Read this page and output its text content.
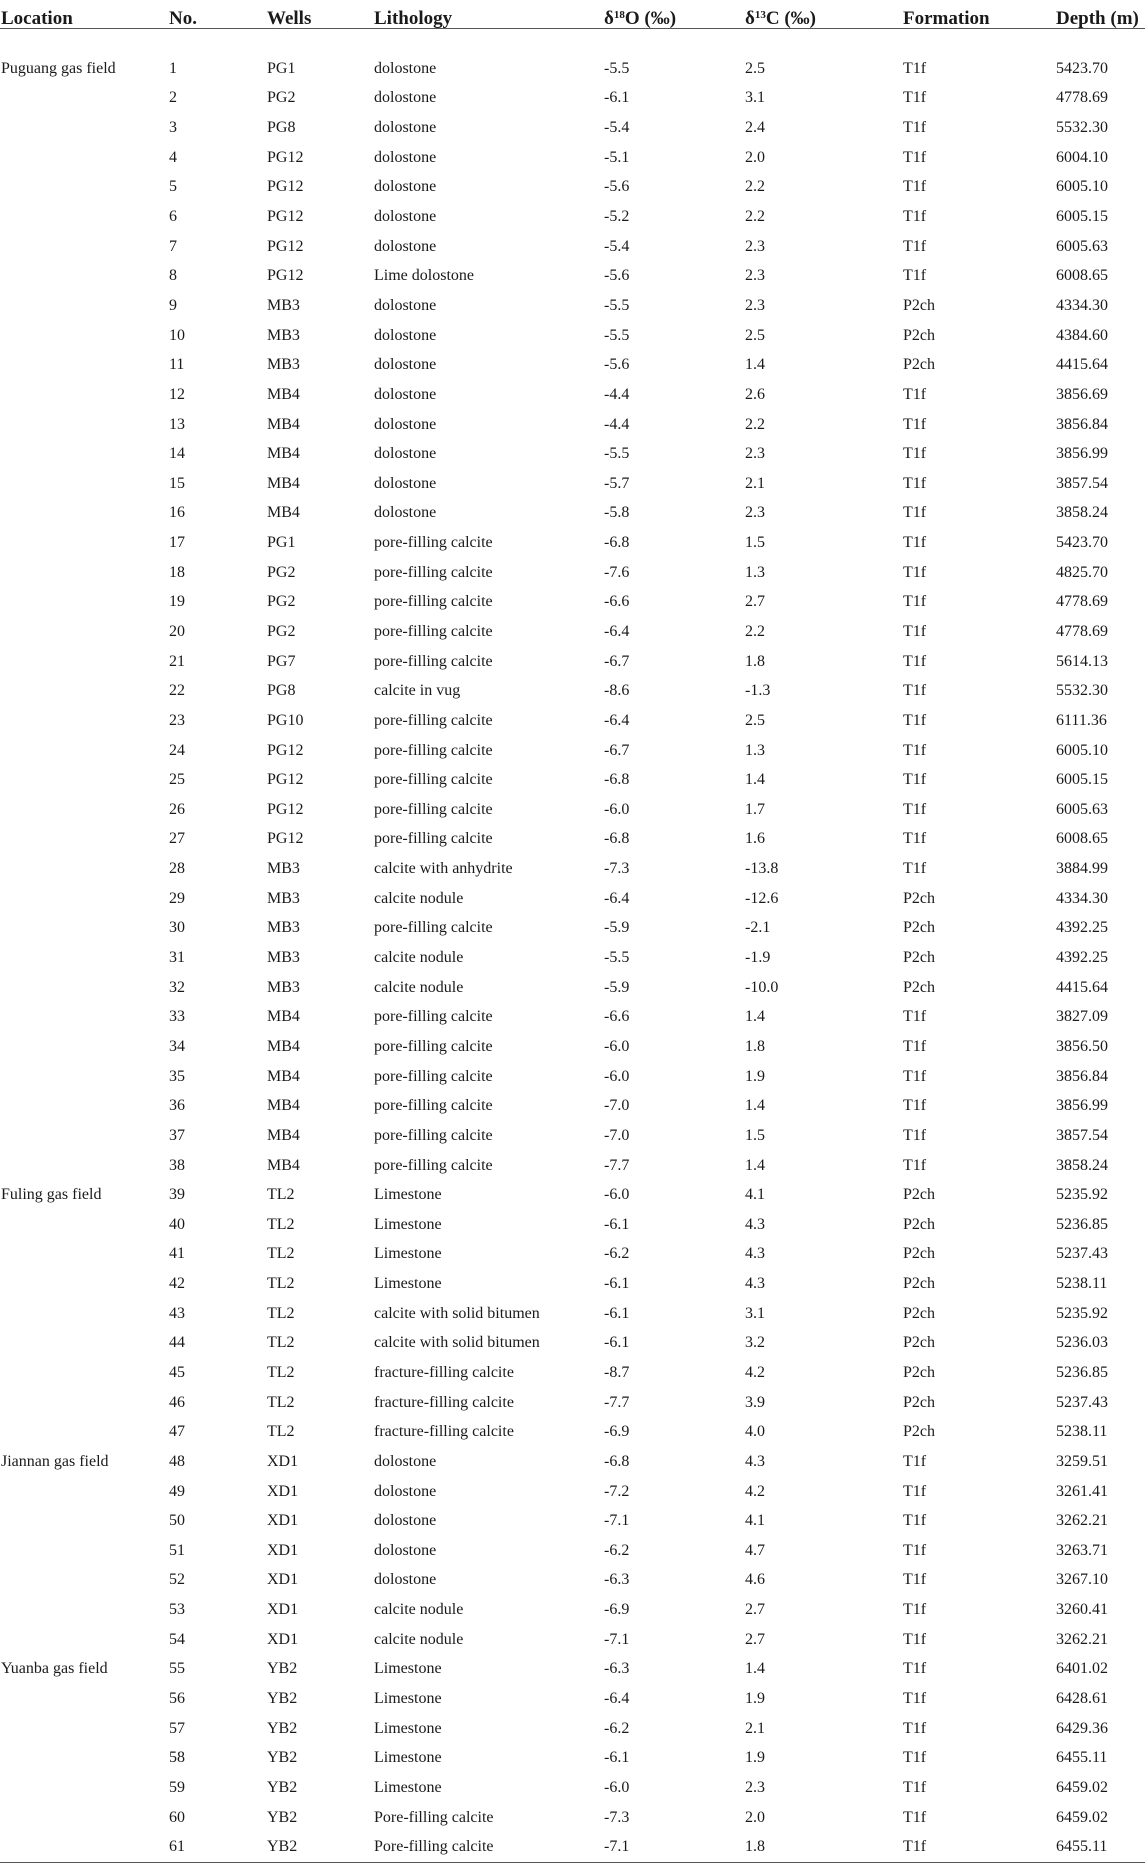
Location	No.	Wells	Lithology	$\delta^{18}O$ (‰)	$\delta^{13}C$ (‰)	Formation	Depth (m)

Puguang gas field	1	PG1	dolostone	-5.5	2.5	T1f	5423.70
	2	PG2	dolostone	-6.1	3.1	T1f	4778.69
	3	PG8	dolostone	-5.4	2.4	T1f	5532.30
	4	PG12	dolostone	-5.1	2.0	T1f	6004.10
	5	PG12	dolostone	-5.6	2.2	T1f	6005.10
	6	PG12	dolostone	-5.2	2.2	T1f	6005.15
	7	PG12	dolostone	-5.4	2.3	T1f	6005.63
	8	PG12	Lime dolostone	-5.6	2.3	T1f	6008.65
	9	MB3	dolostone	-5.5	2.3	P2ch	4334.30
	10	MB3	dolostone	-5.5	2.5	P2ch	4384.60
	11	MB3	dolostone	-5.6	1.4	P2ch	4415.64
	12	MB4	dolostone	-4.4	2.6	T1f	3856.69
	13	MB4	dolostone	-4.4	2.2	T1f	3856.84
	14	MB4	dolostone	-5.5	2.3	T1f	3856.99
	15	MB4	dolostone	-5.7	2.1	T1f	3857.54
	16	MB4	dolostone	-5.8	2.3	T1f	3858.24
	17	PG1	pore-filling calcite	-6.8	1.5	T1f	5423.70
	18	PG2	pore-filling calcite	-7.6	1.3	T1f	4825.70
	19	PG2	pore-filling calcite	-6.6	2.7	T1f	4778.69
	20	PG2	pore-filling calcite	-6.4	2.2	T1f	4778.69
	21	PG7	pore-filling calcite	-6.7	1.8	T1f	5614.13
	22	PG8	calcite in vug	-8.6	-1.3	T1f	5532.30
	23	PG10	pore-filling calcite	-6.4	2.5	T1f	6111.36
	24	PG12	pore-filling calcite	-6.7	1.3	T1f	6005.10
	25	PG12	pore-filling calcite	-6.8	1.4	T1f	6005.15
	26	PG12	pore-filling calcite	-6.0	1.7	T1f	6005.63
	27	PG12	pore-filling calcite	-6.8	1.6	T1f	6008.65
	28	MB3	calcite with anhydrite	-7.3	-13.8	T1f	3884.99
	29	MB3	calcite nodule	-6.4	-12.6	P2ch	4334.30
	30	MB3	pore-filling calcite	-5.9	-2.1	P2ch	4392.25
	31	MB3	calcite nodule	-5.5	-1.9	P2ch	4392.25
	32	MB3	calcite nodule	-5.9	-10.0	P2ch	4415.64
	33	MB4	pore-filling calcite	-6.6	1.4	T1f	3827.09
	34	MB4	pore-filling calcite	-6.0	1.8	T1f	3856.50
	35	MB4	pore-filling calcite	-6.0	1.9	T1f	3856.84
	36	MB4	pore-filling calcite	-7.0	1.4	T1f	3856.99
	37	MB4	pore-filling calcite	-7.0	1.5	T1f	3857.54
	38	MB4	pore-filling calcite	-7.7	1.4	T1f	3858.24
Fuling gas field	39	TL2	Limestone	-6.0	4.1	P2ch	5235.92
	40	TL2	Limestone	-6.1	4.3	P2ch	5236.85
	41	TL2	Limestone	-6.2	4.3	P2ch	5237.43
	42	TL2	Limestone	-6.1	4.3	P2ch	5238.11
	43	TL2	calcite with solid bitumen	-6.1	3.1	P2ch	5235.92
	44	TL2	calcite with solid bitumen	-6.1	3.2	P2ch	5236.03
	45	TL2	fracture-filling calcite	-8.7	4.2	P2ch	5236.85
	46	TL2	fracture-filling calcite	-7.7	3.9	P2ch	5237.43
	47	TL2	fracture-filling calcite	-6.9	4.0	P2ch	5238.11
Jiannan gas field	48	XD1	dolostone	-6.8	4.3	T1f	3259.51
	49	XD1	dolostone	-7.2	4.2	T1f	3261.41
	50	XD1	dolostone	-7.1	4.1	T1f	3262.21
	51	XD1	dolostone	-6.2	4.7	T1f	3263.71
	52	XD1	dolostone	-6.3	4.6	T1f	3267.10
	53	XD1	calcite nodule	-6.9	2.7	T1f	3260.41
	54	XD1	calcite nodule	-7.1	2.7	T1f	3262.21
Yuanba gas field	55	YB2	Limestone	-6.3	1.4	T1f	6401.02
	56	YB2	Limestone	-6.4	1.9	T1f	6428.61
	57	YB2	Limestone	-6.2	2.1	T1f	6429.36
	58	YB2	Limestone	-6.1	1.9	T1f	6455.11
	59	YB2	Limestone	-6.0	2.3	T1f	6459.02
	60	YB2	Pore-filling calcite	-7.3	2.0	T1f	6459.02
	61	YB2	Pore-filling calcite	-7.1	1.8	T1f	6455.11
